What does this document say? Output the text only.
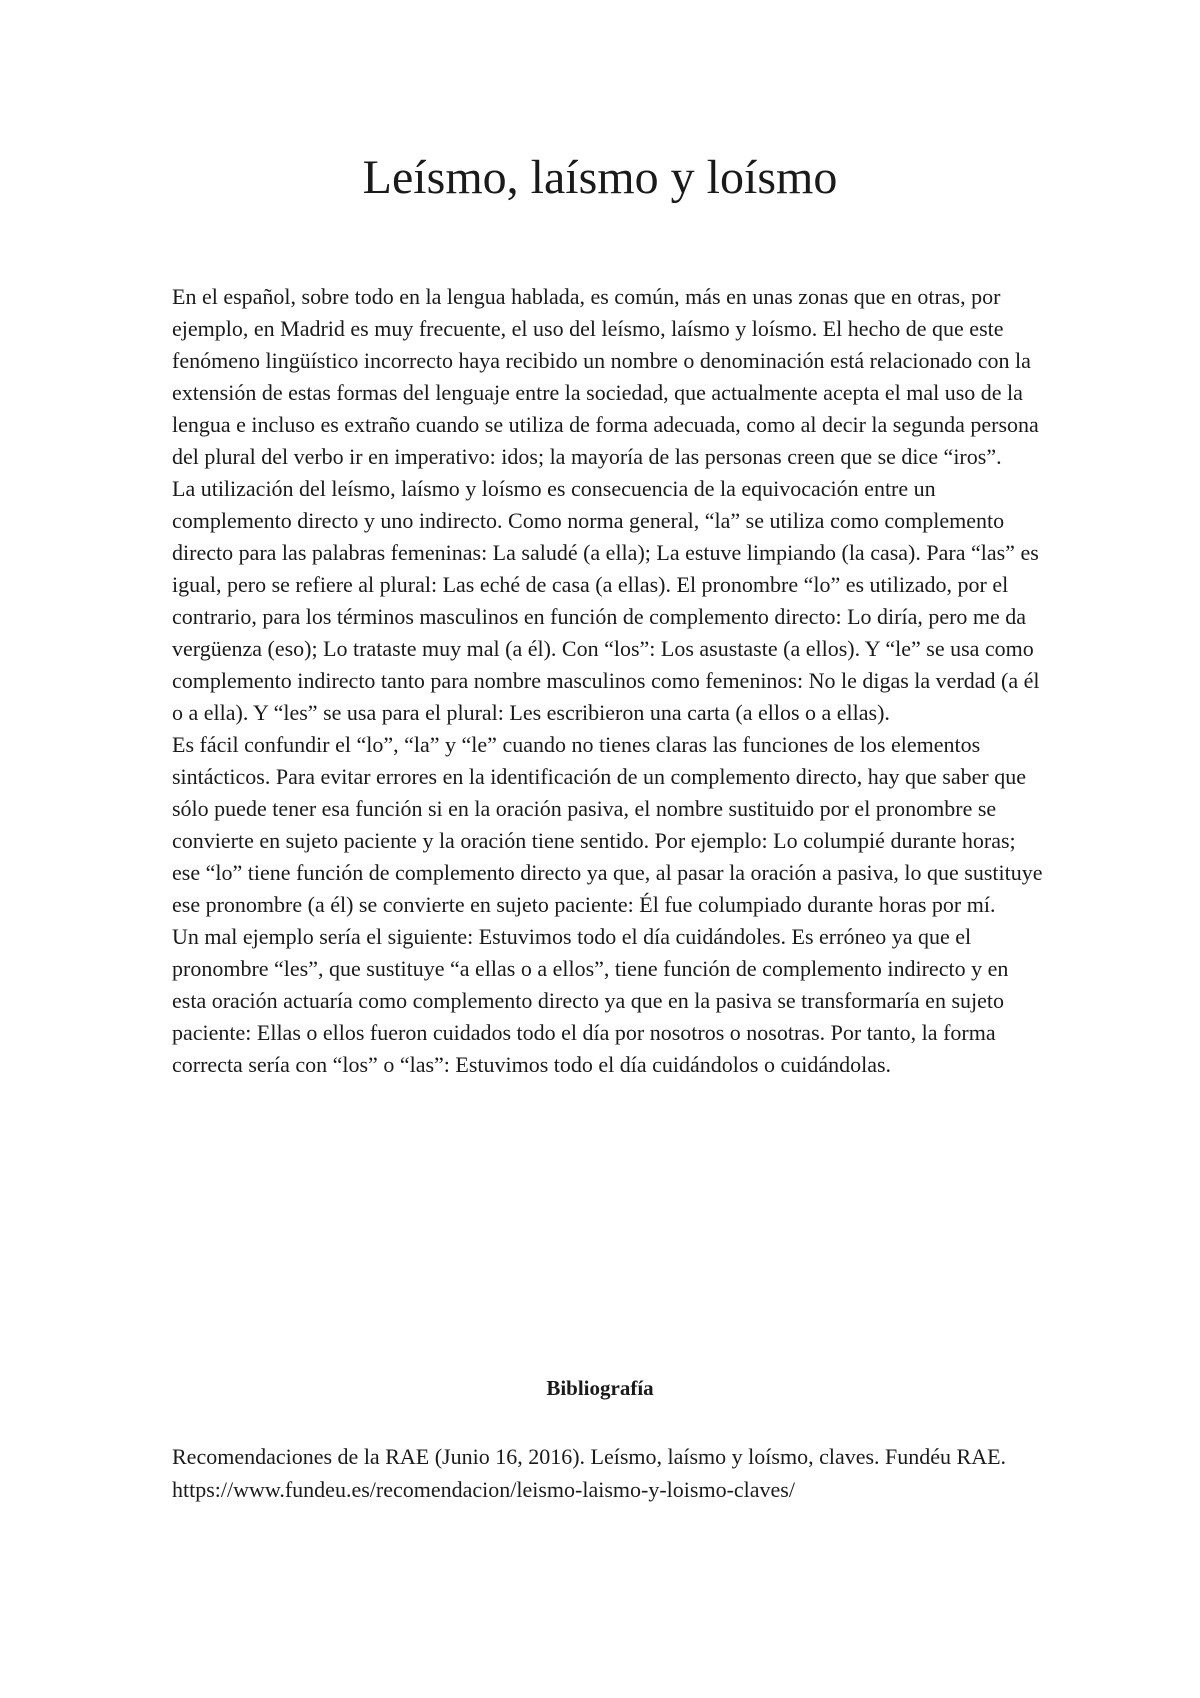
Leísmo, laísmo y loísmo

En el español, sobre todo en la lengua hablada, es común, más en unas zonas que en otras, por ejemplo, en Madrid es muy frecuente, el uso del leísmo, laísmo y loísmo. El hecho de que este fenómeno lingüístico incorrecto haya recibido un nombre o denominación está relacionado con la extensión de estas formas del lenguaje entre la sociedad, que actualmente acepta el mal uso de la lengua e incluso es extraño cuando se utiliza de forma adecuada, como al decir la segunda persona del plural del verbo ir en imperativo: idos; la mayoría de las personas creen que se dice “iros”.

La utilización del leísmo, laísmo y loísmo es consecuencia de la equivocación entre un complemento directo y uno indirecto. Como norma general, “la” se utiliza como complemento directo para las palabras femeninas: La saludé (a ella); La estuve limpiando (la casa). Para “las” es igual, pero se refiere al plural: Las eché de casa (a ellas). El pronombre “lo” es utilizado, por el contrario, para los términos masculinos en función de complemento directo: Lo diría, pero me da vergüenza (eso); Lo trataste muy mal (a él). Con “los”: Los asustaste (a ellos). Y “le” se usa como complemento indirecto tanto para nombre masculinos como femeninos: No le digas la verdad (a él o a ella). Y “les” se usa para el plural: Les escribieron una carta (a ellos o a ellas).

Es fácil confundir el “lo”, “la” y “le” cuando no tienes claras las funciones de los elementos sintácticos. Para evitar errores en la identificación de un complemento directo, hay que saber que sólo puede tener esa función si en la oración pasiva, el nombre sustituido por el pronombre se convierte en sujeto paciente y la oración tiene sentido. Por ejemplo: Lo columpié durante horas; ese “lo” tiene función de complemento directo ya que, al pasar la oración a pasiva, lo que sustituye ese pronombre (a él) se convierte en sujeto paciente: Él fue columpiado durante horas por mí.

Un mal ejemplo sería el siguiente: Estuvimos todo el día cuidándoles. Es erróneo ya que el pronombre “les”, que sustituye “a ellas o a ellos”, tiene función de complemento indirecto y en esta oración actuaría como complemento directo ya que en la pasiva se transformaría en sujeto paciente: Ellas o ellos fueron cuidados todo el día por nosotros o nosotras. Por tanto, la forma correcta sería con “los” o “las”: Estuvimos todo el día cuidándolos o cuidándolas.

Bibliografía

Recomendaciones de la RAE (Junio 16, 2016). Leísmo, laísmo y loísmo, claves. Fundéu RAE.

https://www.fundeu.es/recomendacion/leismo-laismo-y-loismo-claves/
